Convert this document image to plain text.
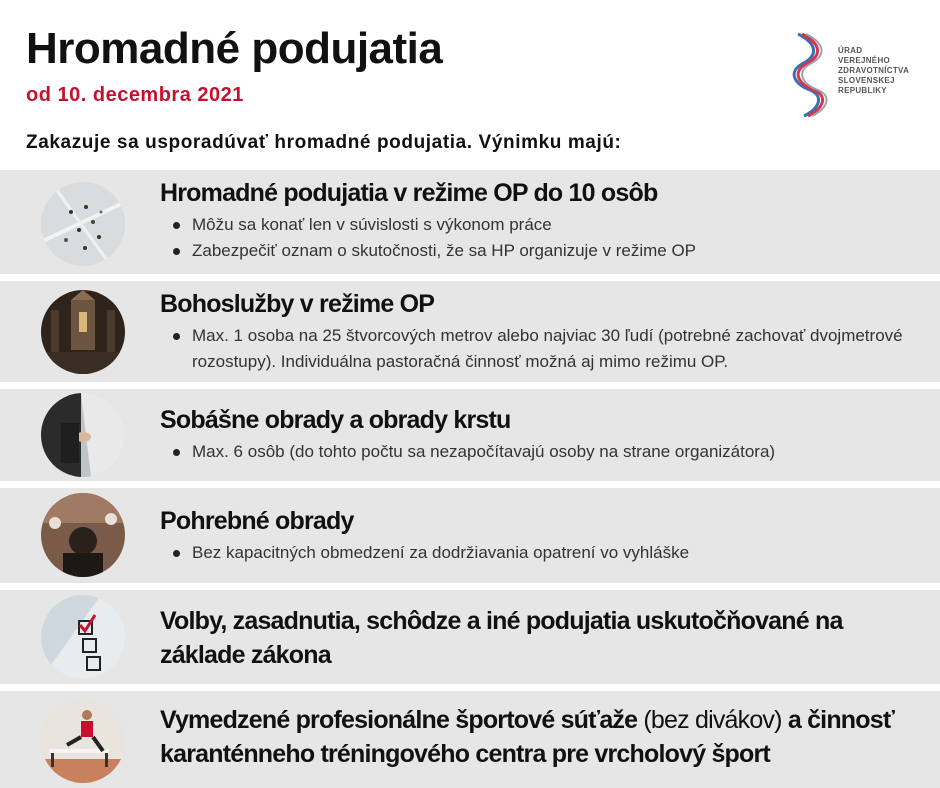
Hromadné podujatia
od 10. decembra 2021
Zakazuje sa usporadúvať hromadné podujatia. Výnimku majú:
ÚRAD
VEREJNÉHO
ZDRAVOTNÍCTVA
SLOVENSKEJ
REPUBLIKY
Hromadné podujatia v režime OP do 10 osôb
Môžu sa konať len v súvislosti s výkonom práce
Zabezpečiť oznam o skutočnosti, že sa HP organizuje v režime OP
Bohoslužby v režime OP
Max. 1 osoba na 25 štvorcových metrov alebo najviac 30 ľudí (potrebné zachovať dvojmetrové rozostupy). Individuálna pastoračná činnosť možná aj mimo režimu OP.
Sobášne obrady a obrady krstu
Max. 6 osôb (do tohto počtu sa nezapočítavajú osoby na strane organizátora)
Pohrebné obrady
Bez kapacitných obmedzení za dodržiavania opatrení vo vyhláške
Volby, zasadnutia, schôdze a iné podujatia uskutočňované na základe zákona
Vymedzené profesionálne športové súťaže (bez divákov) a činnosť karanténneho tréningového centra pre vrcholový šport
